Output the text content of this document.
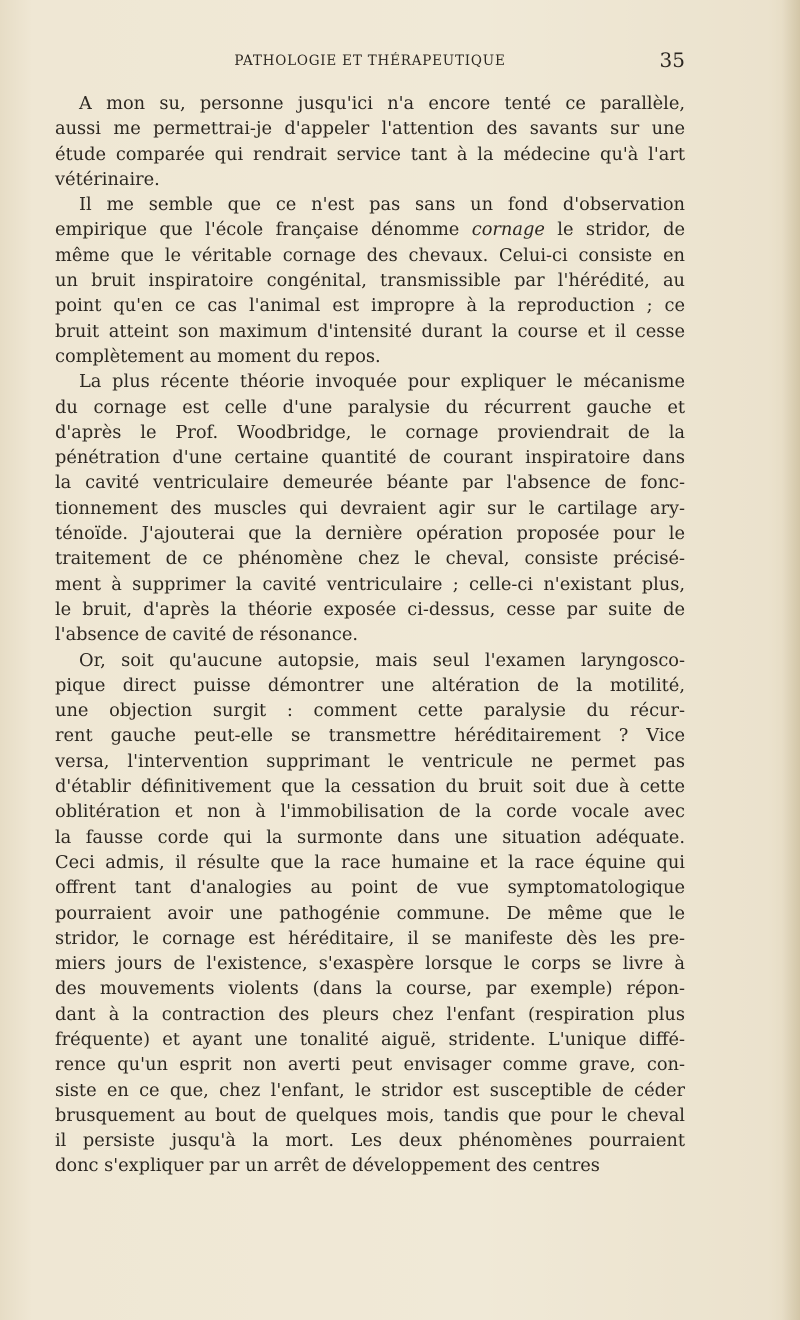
PATHOLOGIE ET THÉRAPEUTIQUE	35
A mon su, personne jusqu'ici n'a encore tenté ce parallèle,
aussi me permettrai-je d'appeler l'attention des savants sur une
étude comparée qui rendrait service tant à la médecine qu'à l'art
vétérinaire.
Il me semble que ce n'est pas sans un fond d'observation
empirique que l'école française dénomme cornage le stridor, de
même que le véritable cornage des chevaux. Celui-ci consiste en
un bruit inspiratoire congénital, transmissible par l'hérédité, au
point qu'en ce cas l'animal est impropre à la reproduction ; ce
bruit atteint son maximum d'intensité durant la course et il cesse
complètement au moment du repos.
La plus récente théorie invoquée pour expliquer le mécanisme
du cornage est celle d'une paralysie du récurrent gauche et
d'après le Prof. Woodbridge, le cornage proviendrait de la
pénétration d'une certaine quantité de courant inspiratoire dans
la cavité ventriculaire demeurée béante par l'absence de fonc-
tionnement des muscles qui devraient agir sur le cartilage ary-
ténoïde. J'ajouterai que la dernière opération proposée pour le
traitement de ce phénomène chez le cheval, consiste précisé-
ment à supprimer la cavité ventriculaire ; celle-ci n'existant plus,
le bruit, d'après la théorie exposée ci-dessus, cesse par suite de
l'absence de cavité de résonance.
Or, soit qu'aucune autopsie, mais seul l'examen laryngosco-
pique direct puisse démontrer une altération de la motilité,
une objection surgit : comment cette paralysie du récur-
rent gauche peut-elle se transmettre héréditairement ? Vice
versa, l'intervention supprimant le ventricule ne permet pas
d'établir définitivement que la cessation du bruit soit due à cette
oblitération et non à l'immobilisation de la corde vocale avec
la fausse corde qui la surmonte dans une situation adéquate.
Ceci admis, il résulte que la race humaine et la race équine qui
offrent tant d'analogies au point de vue symptomatologique
pourraient avoir une pathogénie commune. De même que le
stridor, le cornage est héréditaire, il se manifeste dès les pre-
miers jours de l'existence, s'exaspère lorsque le corps se livre à
des mouvements violents (dans la course, par exemple) répon-
dant à la contraction des pleurs chez l'enfant (respiration plus
fréquente) et ayant une tonalité aiguë, stridente. L'unique diffé-
rence qu'un esprit non averti peut envisager comme grave, con-
siste en ce que, chez l'enfant, le stridor est susceptible de céder
brusquement au bout de quelques mois, tandis que pour le cheval
il persiste jusqu'à la mort. Les deux phénomènes pourraient
donc s'expliquer par un arrêt de développement des centres
